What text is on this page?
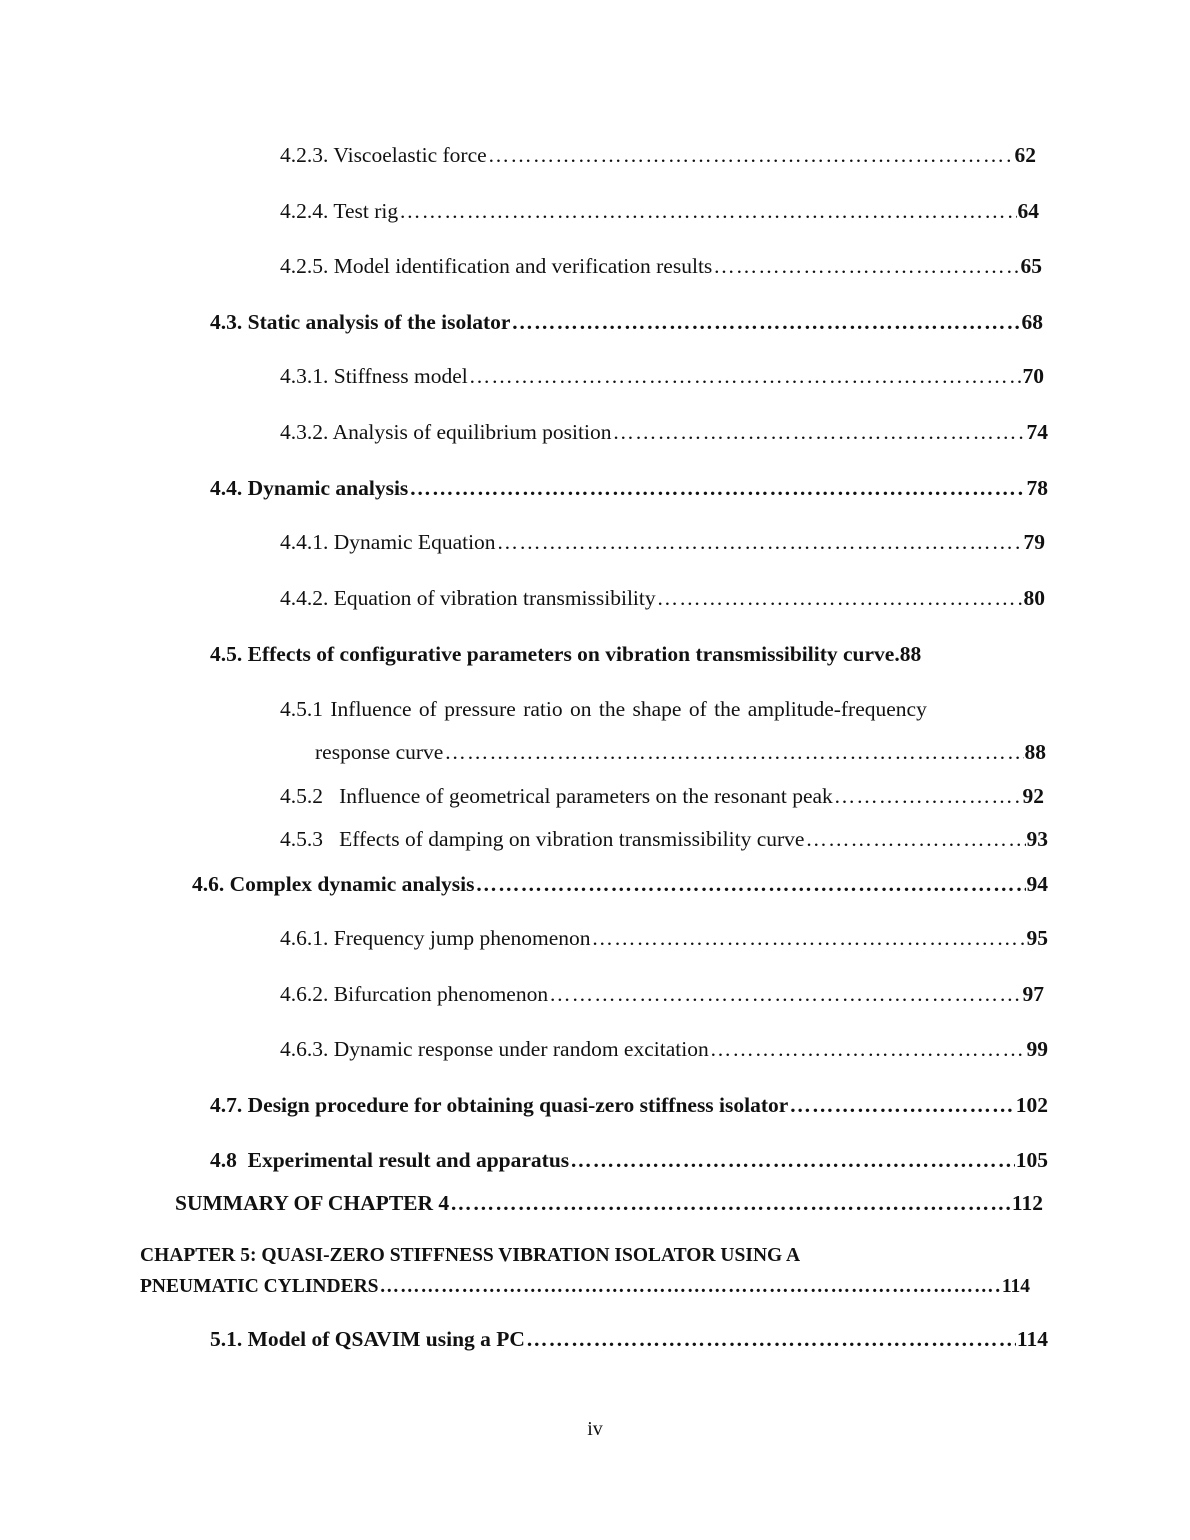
4.2.3. Viscoelastic force …………………………………………………………………………………………………………………………………………………………………………………………	62
4.2.4. Test rig …………………………………………………………………………………………………………………………………………………………………………………………	64
4.2.5. Model identification and verification results …………………………………………………………………………………………………………………………………………………………………………………………	65
4.3. Static analysis of the isolator …………………………………………………………………………………………………………………………………………………………………………………………	68
4.3.1. Stiffness model …………………………………………………………………………………………………………………………………………………………………………………………	70
4.3.2. Analysis of equilibrium position …………………………………………………………………………………………………………………………………………………………………………………………	74
4.4. Dynamic analysis …………………………………………………………………………………………………………………………………………………………………………………………	78
4.4.1. Dynamic Equation …………………………………………………………………………………………………………………………………………………………………………………………	79
4.4.2. Equation of vibration transmissibility …………………………………………………………………………………………………………………………………………………………………………………………	80
4.5. Effects of configurative parameters on vibration transmissibility curve.88
4.5.1 Influence of pressure ratio on the shape of the amplitude-frequency
response curve …………………………………………………………………………………………………………………………………………………………………………………………	88
4.5.2   Influence of geometrical parameters on the resonant peak …………………………………………………………………………………………………………………………………………………………………………………………	92
4.5.3   Effects of damping on vibration transmissibility curve …………………………………………………………………………………………………………………………………………………………………………………………	93
4.6. Complex dynamic analysis …………………………………………………………………………………………………………………………………………………………………………………………	94
4.6.1. Frequency jump phenomenon …………………………………………………………………………………………………………………………………………………………………………………………	95
4.6.2. Bifurcation phenomenon …………………………………………………………………………………………………………………………………………………………………………………………	97
4.6.3. Dynamic response under random excitation …………………………………………………………………………………………………………………………………………………………………………………………	99
4.7. Design procedure for obtaining quasi-zero stiffness isolator …………………………………………………………………………………………………………………………………………………………………………………………	102
4.8  Experimental result and apparatus …………………………………………………………………………………………………………………………………………………………………………………………	105
SUMMARY OF CHAPTER 4 …………………………………………………………………………………………………………………………………………………………………………………………	112
CHAPTER 5: QUASI-ZERO STIFFNESS VIBRATION ISOLATOR USING A
PNEUMATIC CYLINDERS …………………………………………………………………………………………………………………………………………………………………………………………	114
5.1. Model of QSAVIM using a PC …………………………………………………………………………………………………………………………………………………………………………………………	114
iv
